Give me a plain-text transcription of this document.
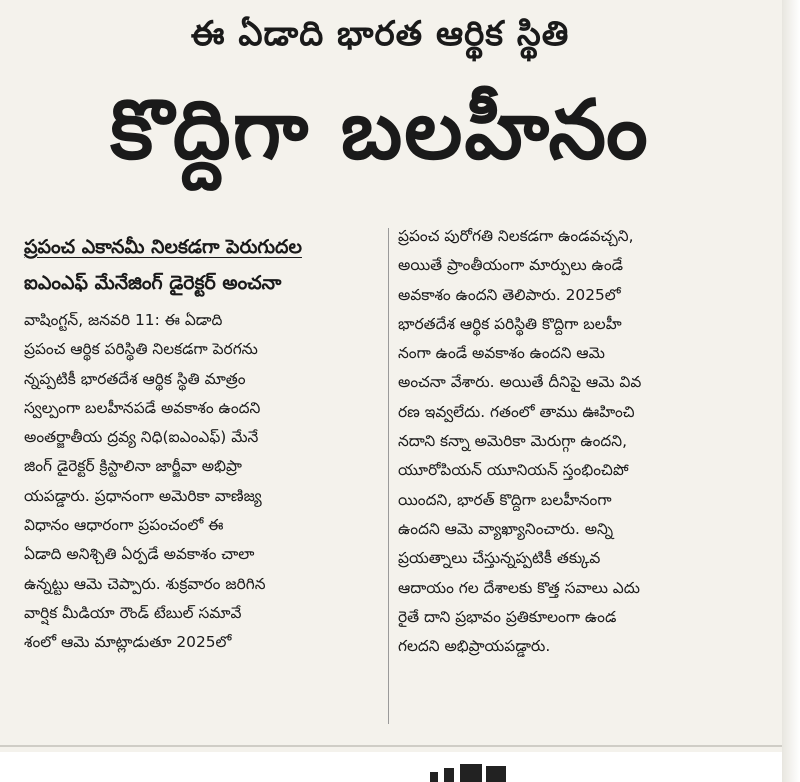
ఈ ఏడాది భారత ఆర్థిక స్థితి
కొద్దిగా బలహీనం

ప్రపంచ ఎకానమీ నిలకడగా పెరుగుదల

ఐఎంఎఫ్ మేనేజింగ్ డైరెక్టర్ అంచనా

వాషింగ్టన్, జనవరి 11: ఈ ఏడాది
ప్రపంచ ఆర్థిక పరిస్థితి నిలకడగా పెరగను
న్నప్పటికీ భారతదేశ ఆర్థిక స్థితి మాత్రం
స్వల్పంగా బలహీనపడే అవకాశం ఉందని
అంతర్జాతీయ ద్రవ్య నిధి(ఐఎంఎఫ్) మేనే
జింగ్ డైరెక్టర్ క్రిస్టాలినా జార్జీవా అభిప్రా
యపడ్డారు. ప్రధానంగా అమెరికా వాణిజ్య
విధానం ఆధారంగా ప్రపంచంలో ఈ
ఏడాది అనిశ్చితి ఏర్పడే అవకాశం చాలా
ఉన్నట్టు ఆమె చెప్పారు. శుక్రవారం జరిగిన
వార్షిక మీడియా రౌండ్ టేబుల్ సమావే
శంలో ఆమె మాట్లాడుతూ 2025లో

ప్రపంచ పురోగతి నిలకడగా ఉండవచ్చని,
అయితే ప్రాంతీయంగా మార్పులు ఉండే
అవకాశం ఉందని తెలిపారు. 2025లో
భారతదేశ ఆర్థిక పరిస్థితి కొద్దిగా బలహీ
నంగా ఉండే అవకాశం ఉందని ఆమె
అంచనా వేశారు. అయితే దీనిపై ఆమె వివ
రణ ఇవ్వలేదు. గతంలో తాము ఊహించి
నదాని కన్నా అమెరికా మెరుగ్గా ఉందని,
యూరోపియన్ యూనియన్ స్తంభించిపో
యిందని, భారత్ కొద్దిగా బలహీనంగా
ఉందని ఆమె వ్యాఖ్యానించారు. అన్ని
ప్రయత్నాలు చేస్తున్నప్పటికీ తక్కువ
ఆదాయం గల దేశాలకు కొత్త సవాలు ఎదు
రైతే దాని ప్రభావం ప్రతికూలంగా ఉండ
గలదని అభిప్రాయపడ్డారు.
